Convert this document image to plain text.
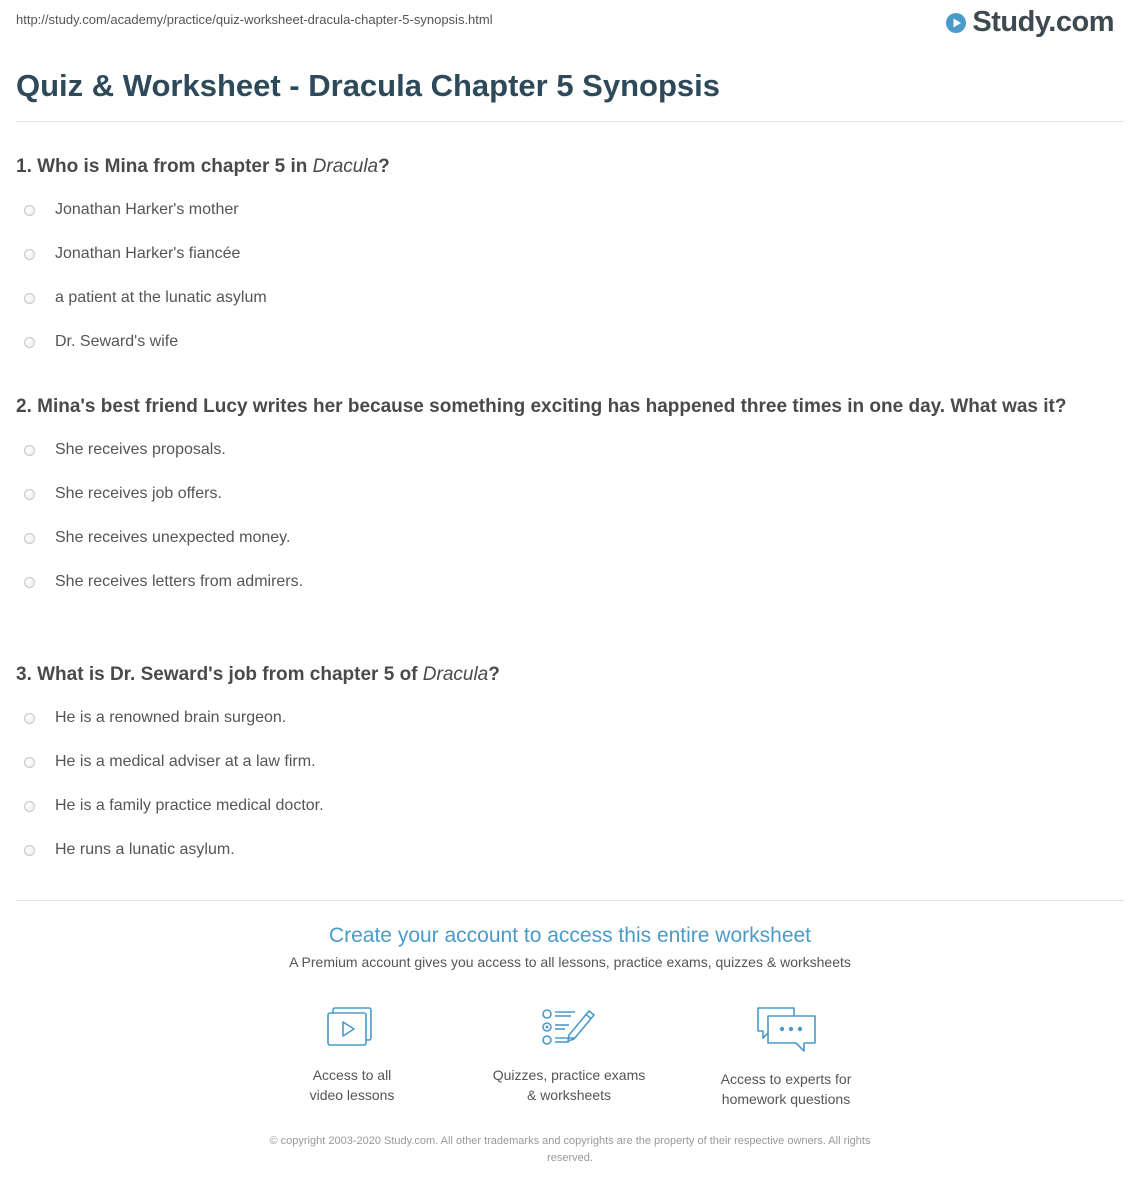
http://study.com/academy/practice/quiz-worksheet-dracula-chapter-5-synopsis.html	Study.com
Quiz & Worksheet - Dracula Chapter 5 Synopsis

1. Who is Mina from chapter 5 in Dracula?

Jonathan Harker's mother
Jonathan Harker's fiancée
a patient at the lunatic asylum
Dr. Seward's wife

2. Mina's best friend Lucy writes her because something exciting has happened three times in one day. What was it?

She receives proposals.
She receives job offers.
She receives unexpected money.
She receives letters from admirers.

3. What is Dr. Seward's job from chapter 5 of Dracula?

He is a renowned brain surgeon.
He is a medical adviser at a law firm.
He is a family practice medical doctor.
He runs a lunatic asylum.

Create your account to access this entire worksheet

A Premium account gives you access to all lessons, practice exams, quizzes & worksheets
Access to all
video lessons
Quizzes, practice exams
& worksheets
Access to experts for
homework questions
© copyright 2003-2020 Study.com. All other trademarks and copyrights are the property of their respective owners. All rights
reserved.
